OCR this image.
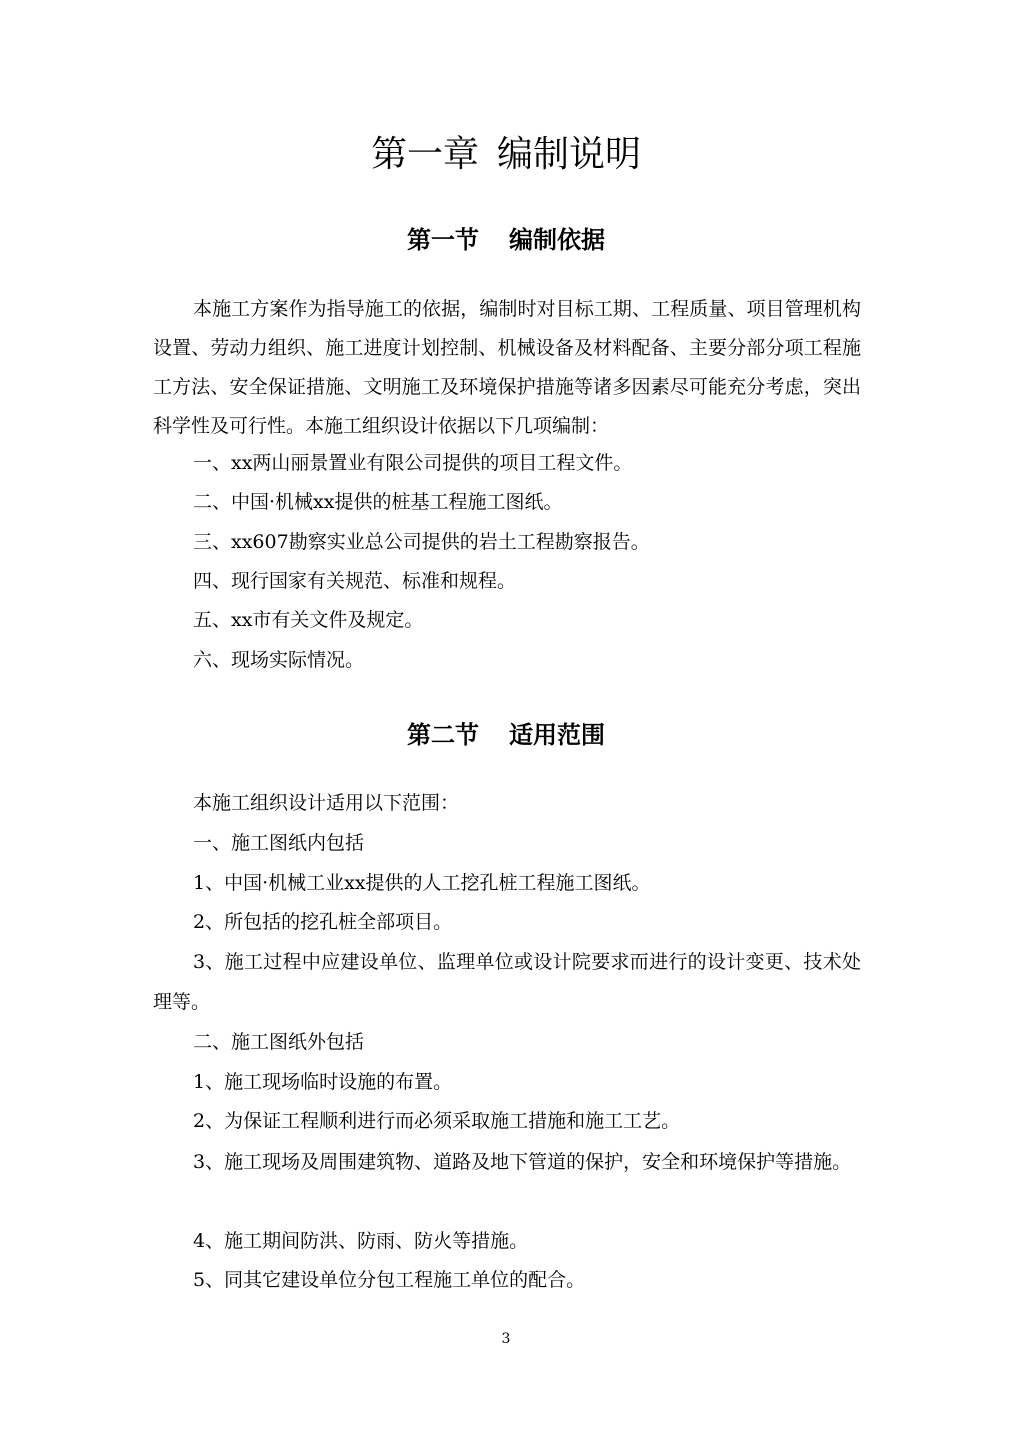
第一章 编制说明
第一节 编制依据

本施工方案作为指导施工的依据，编制时对目标工期、工程质量、项目管理机构设置、劳动力组织、施工进度计划控制、机械设备及材料配备、主要分部分项工程施工方法、安全保证措施、文明施工及环境保护措施等诸多因素尽可能充分考虑，突出科学性及可行性。本施工组织设计依据以下几项编制：

一、xx两山丽景置业有限公司提供的项目工程文件。

二、中国·机械xx提供的桩基工程施工图纸。

三、xx607勘察实业总公司提供的岩土工程勘察报告。

四、现行国家有关规范、标准和规程。

五、xx市有关文件及规定。

六、现场实际情况。

第二节 适用范围

本施工组织设计适用以下范围：

一、施工图纸内包括

1、中国·机械工业xx提供的人工挖孔桩工程施工图纸。

2、所包括的挖孔桩全部项目。

3、施工过程中应建设单位、监理单位或设计院要求而进行的设计变更、技术处理等。

二、施工图纸外包括

1、施工现场临时设施的布置。

2、为保证工程顺利进行而必须采取施工措施和施工工艺。

3、施工现场及周围建筑物、道路及地下管道的保护，安全和环境保护等措施。

4、施工期间防洪、防雨、防火等措施。

5、同其它建设单位分包工程施工单位的配合。

3
